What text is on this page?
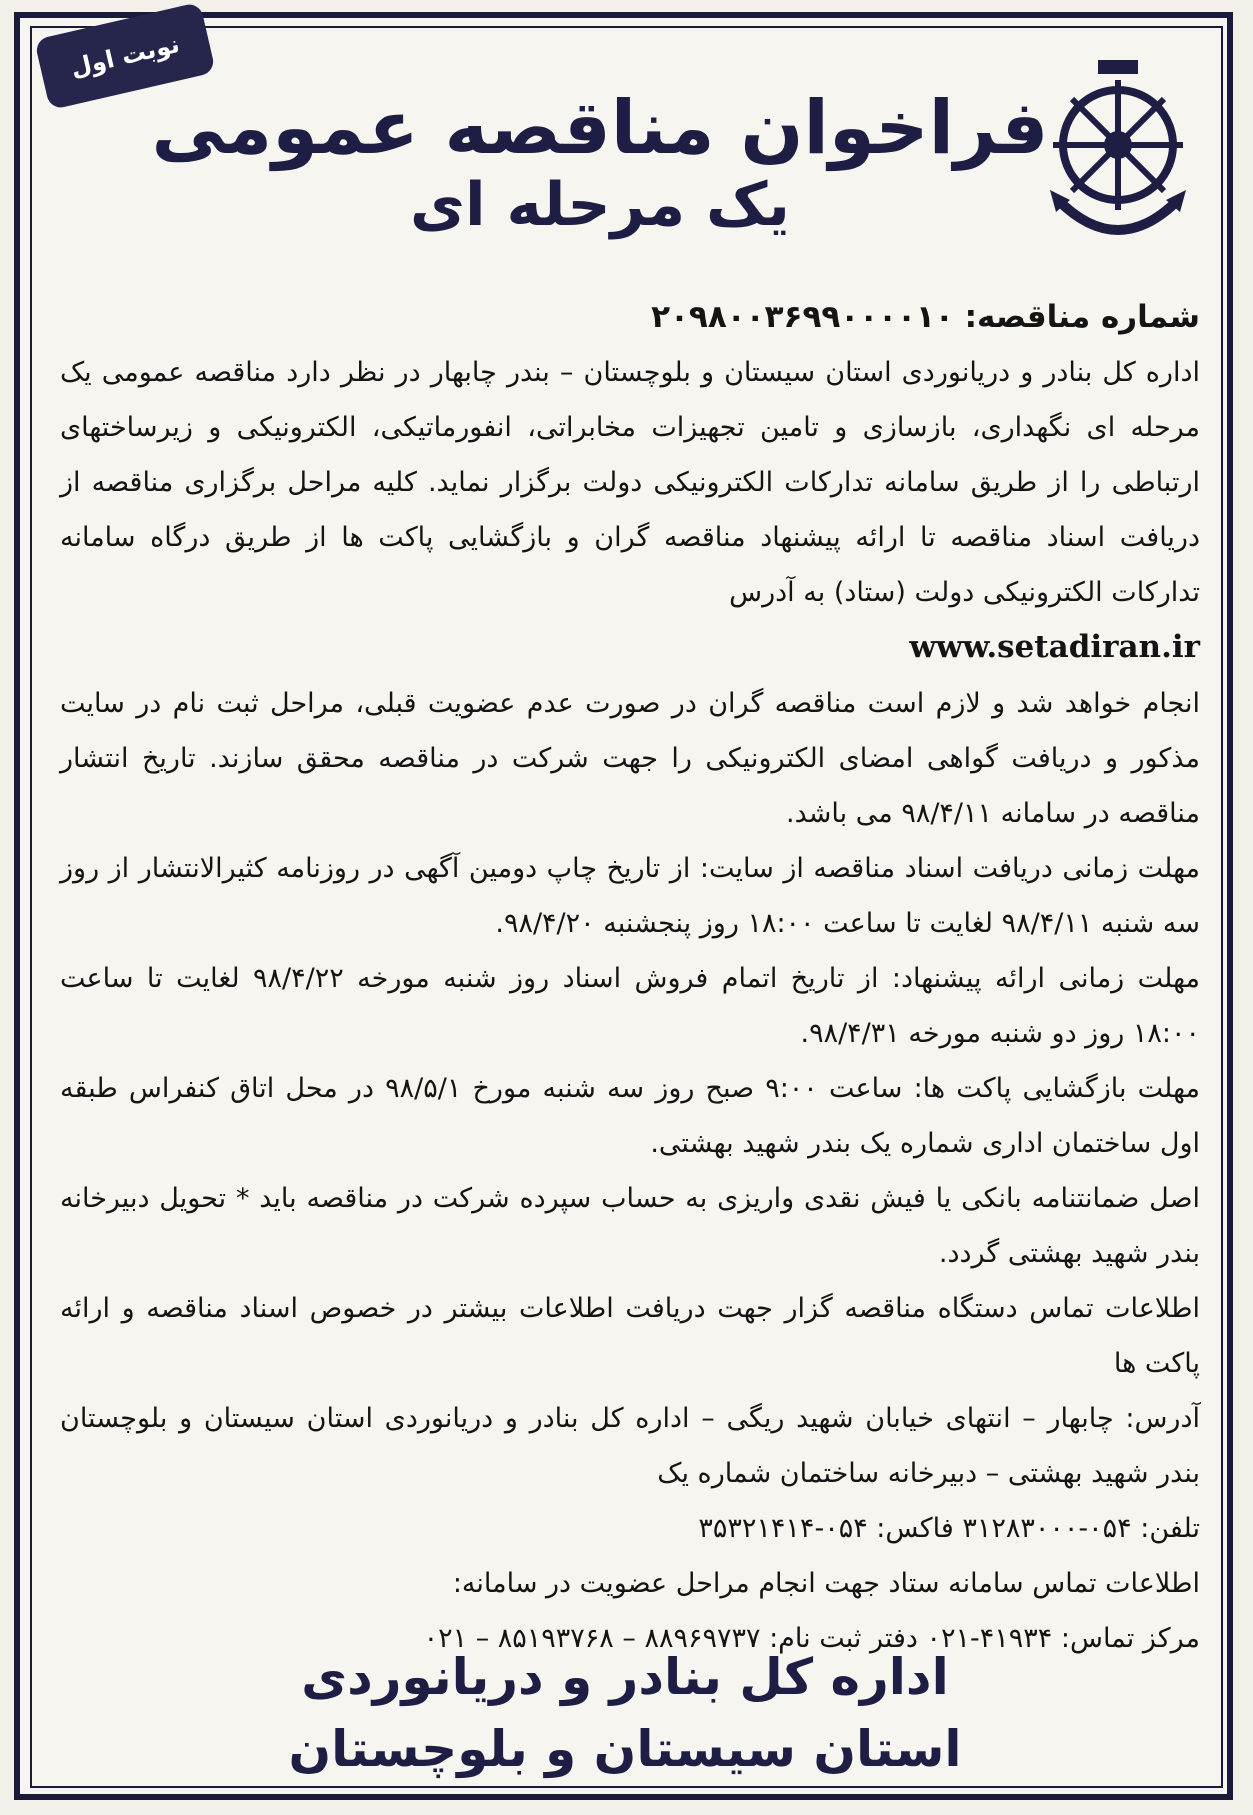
نوبت اول
فراخوان مناقصه عمومی
یک مرحله ای

شماره مناقصه: ۲۰۹۸۰۰۳۶۹۹۰۰۰۰۱۰

اداره کل بنادر و دریانوردی استان سیستان و بلوچستان – بندر چابهار در نظر دارد مناقصه عمومی یک مرحله ای نگهداری، بازسازی و تامین تجهیزات مخابراتی، انفورماتیکی، الکترونیکی و زیرساختهای ارتباطی را از طریق سامانه تدارکات الکترونیکی دولت برگزار نماید. کلیه مراحل برگزاری مناقصه از دریافت اسناد مناقصه تا ارائه پیشنهاد مناقصه گران و بازگشایی پاکت ها از طریق درگاه سامانه تدارکات الکترونیکی دولت (ستاد) به آدرس

www.setadiran.ir

انجام خواهد شد و لازم است مناقصه گران در صورت عدم عضویت قبلی، مراحل ثبت نام در سایت مذکور و دریافت گواهی امضای الکترونیکی را جهت شرکت در مناقصه محقق سازند. تاریخ انتشار مناقصه در سامانه ۹۸/۴/۱۱ می باشد.

مهلت زمانی دریافت اسناد مناقصه از سایت: از تاریخ چاپ دومین آگهی در روزنامه کثیرالانتشار از روز سه شنبه ۹۸/۴/۱۱ لغایت تا ساعت ۱۸:۰۰ روز پنجشنبه ۹۸/۴/۲۰.

مهلت زمانی ارائه پیشنهاد: از تاریخ اتمام فروش اسناد روز شنبه مورخه ۹۸/۴/۲۲ لغایت تا ساعت ۱۸:۰۰ روز دو شنبه مورخه ۹۸/۴/۳۱.

مهلت بازگشایی پاکت ها: ساعت ۹:۰۰ صبح روز سه شنبه مورخ ۹۸/۵/۱ در محل اتاق کنفراس طبقه اول ساختمان اداری شماره یک بندر شهید بهشتی.

اصل ضمانتنامه بانکی یا فیش نقدی واریزی به حساب سپرده شرکت در مناقصه باید * تحویل دبیرخانه بندر شهید بهشتی گردد.

اطلاعات تماس دستگاه مناقصه گزار جهت دریافت اطلاعات بیشتر در خصوص اسناد مناقصه و ارائه پاکت ها

آدرس: چابهار – انتهای خیابان شهید ریگی – اداره کل بنادر و دریانوردی استان سیستان و بلوچستان بندر شهید بهشتی – دبیرخانه ساختمان شماره یک

تلفن: ۰۵۴-۳۱۲۸۳۰۰۰ فاکس: ۰۵۴-۳۵۳۲۱۴۱۴

اطلاعات تماس سامانه ستاد جهت انجام مراحل عضویت در سامانه:

مرکز تماس: ۴۱۹۳۴-۰۲۱ دفتر ثبت نام: ۸۸۹۶۹۷۳۷ – ۸۵۱۹۳۷۶۸ – ۰۲۱

اداره کل بنادر و دریانوردی
استان سیستان و بلوچستان
